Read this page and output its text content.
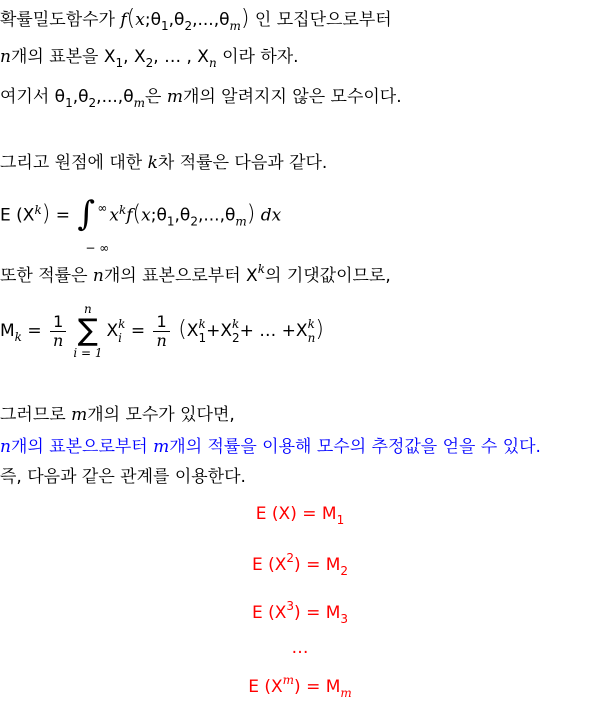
확률밀도함수가 $f(x;\theta_1,\theta_2,...,\theta_m)$ 인 모집단으로부터
n개의 표본을 $X_1$, $X_2$, … , $X_n$ 이라 하자.
여기서 $\theta_1,\theta_2,...,\theta_m$은 m개의 알려지지 않은 모수이다.
그리고 원점에 대한 k차 적률은 다음과 같다.
E $(X^k)$ = ∫ ∞
− ∞
$x^kf(x;\theta_1,\theta_2,...,\theta_m)$ dx
또한 적률은 n개의 표본으로부터 $X^k$의 기댓값이므로,
$M_k = \frac{1}{n}$
n
∑
i = 1
X k
$i = \frac{1}{n} (X$ k
1 +X k
2 + … +X k
n )
그러므로 m개의 모수가 있다면,
n개의 표본으로부터 m개의 적률을 이용해 모수의 추정값을 얻을 수 있다.
즉, 다음과 같은 관계를 이용한다.
E $(X) = M_1$
E $(X^2) = M_2$
E $(X^3) = M_3$
…
E $(X^m) = M_m$
